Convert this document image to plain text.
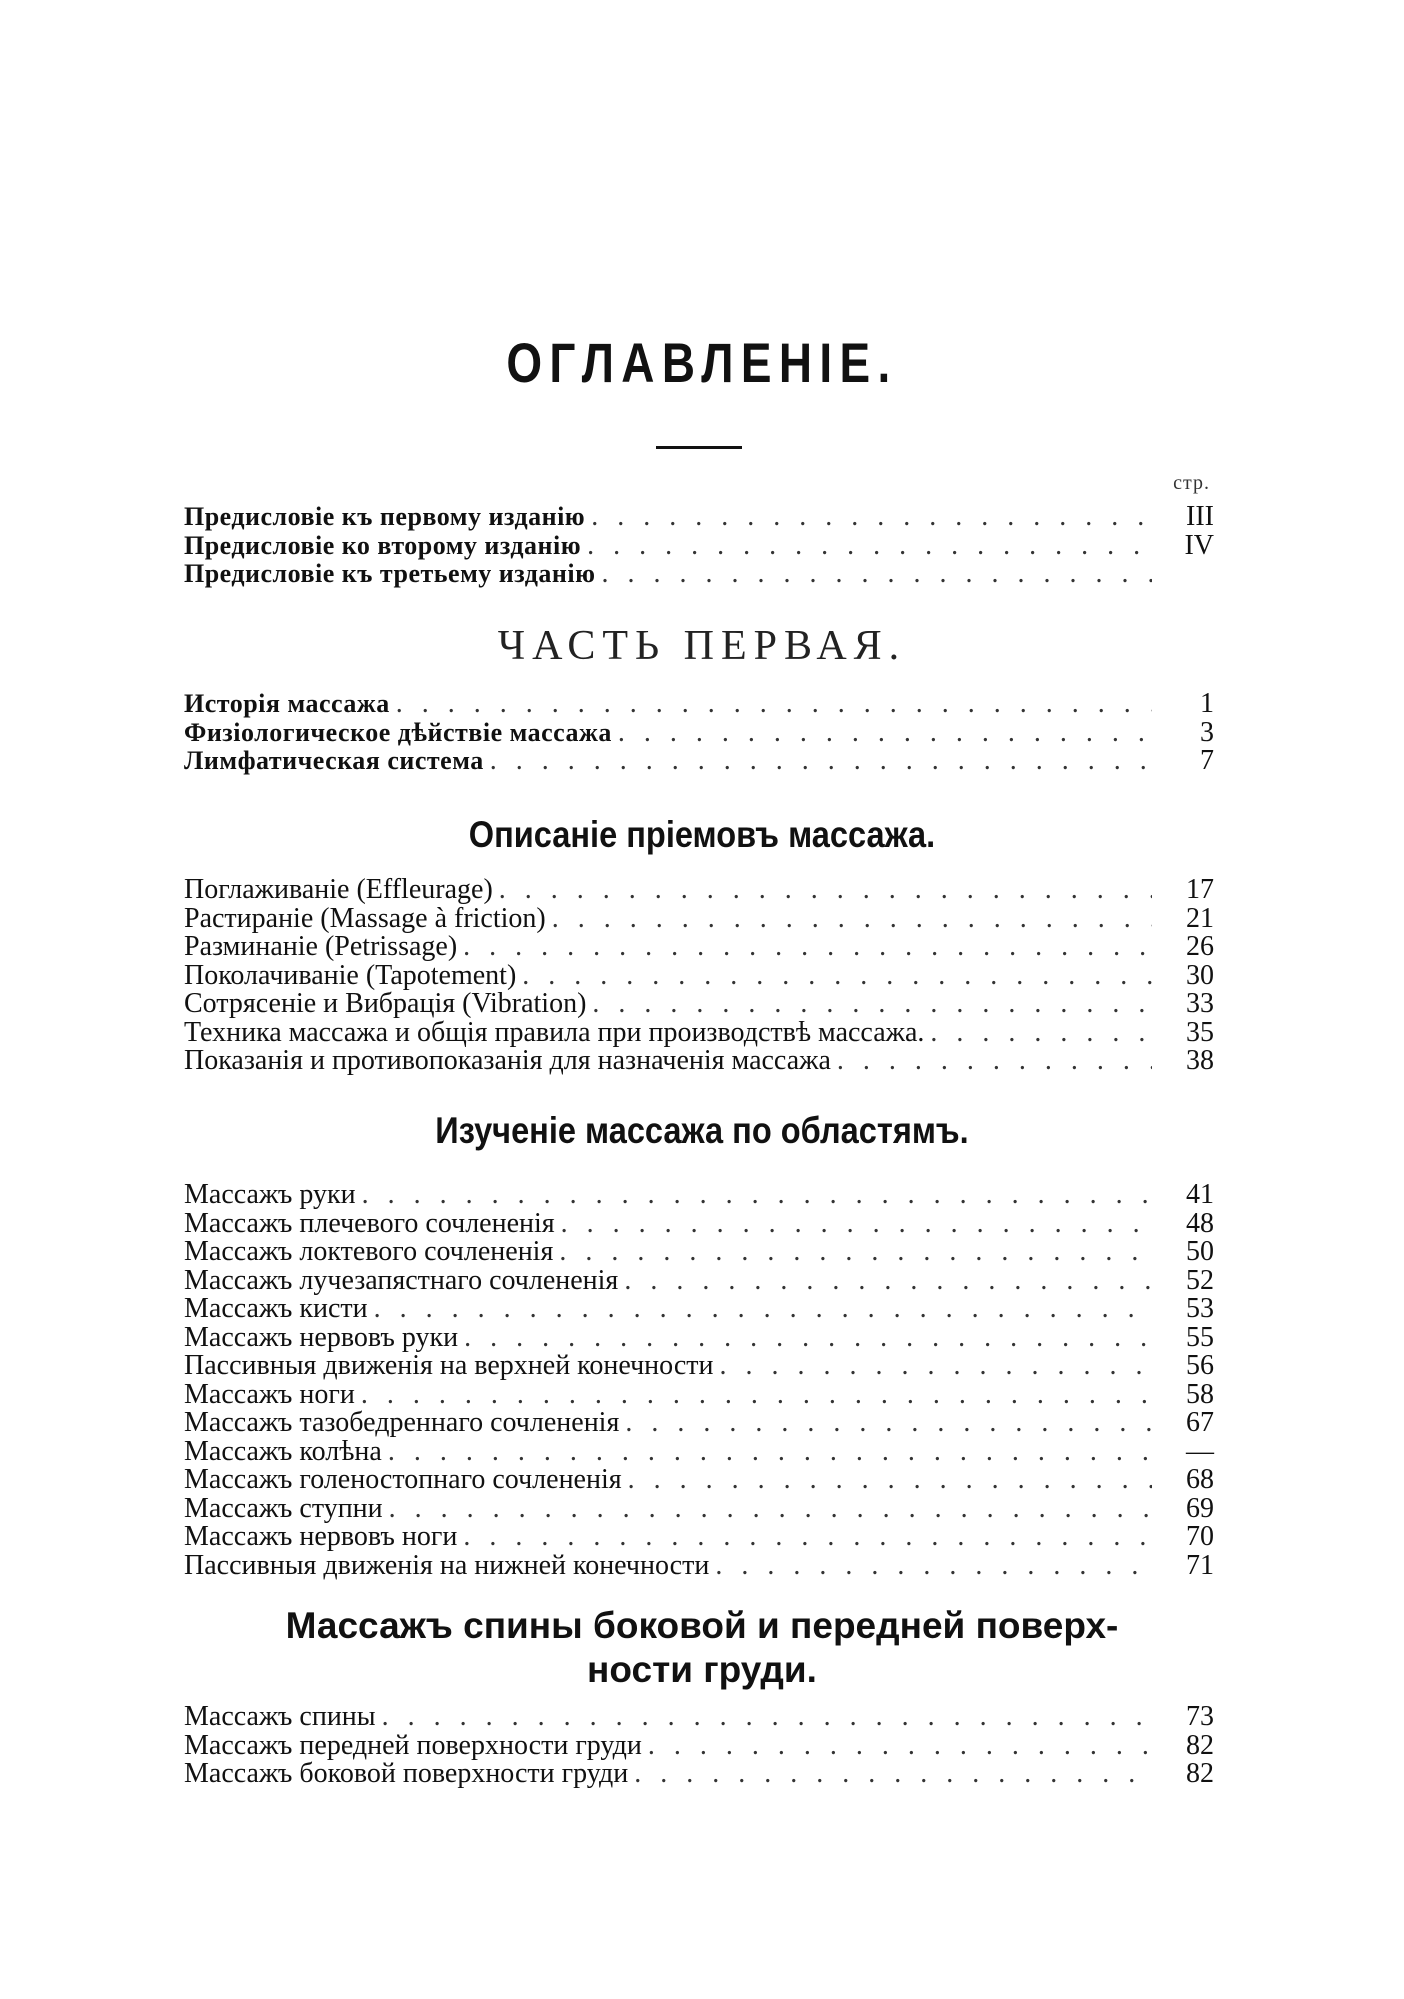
ОГЛАВЛЕНІЕ.
стр.
Предисловіе къ первому изданію . . .	III
Предисловіе ко второму изданію . . .	IV
Предисловіе къ третьему изданію
. . .
ЧАСТЬ ПЕРВАЯ.
Исторія массажа . . .	1
Физіологическое дѣйствіе массажа . . .	3
Лимфатическая система . . .	7
Описаніе пріемовъ массажа.
Поглаживаніе (Effleurage) . . .	17
Растираніе (Massage à friction) . . .	21
Разминаніе (Petrissage) . . .	26
Поколачиваніе (Tapotement) . . .	30
Сотрясеніе и Вибрація (Vibration) . . .	33
Техника массажа и общія правила при производствѣ массажа. . . .	35
Показанія и противопоказанія для назначенія массажа . . .	38
Изученіе массажа по областямъ.
Массажъ руки . . .	41
Массажъ плечевого сочлененія . . .	48
Массажъ локтевого сочлененія . . .	50
Массажъ лучезапястнаго сочлененія . . .	52
Массажъ кисти . . .	53
Массажъ нервовъ руки . . .	55
Пассивныя движенія на верхней конечности . . .	56
Массажъ ноги . . .	58
Массажъ тазобедреннаго сочлененія . . .	67
Массажъ колѣна . . .	—
Массажъ голеностопнаго сочлененія . . .	68
Массажъ ступни . . .	69
Массажъ нервовъ ноги . . .	70
Пассивныя движенія на нижней конечности . . .	71
Массажъ спины боковой и передней поверх-
ности груди.
Массажъ спины . . .	73
Массажъ передней поверхности груди . . .	82
Массажъ боковой поверхности груди . . .	82
